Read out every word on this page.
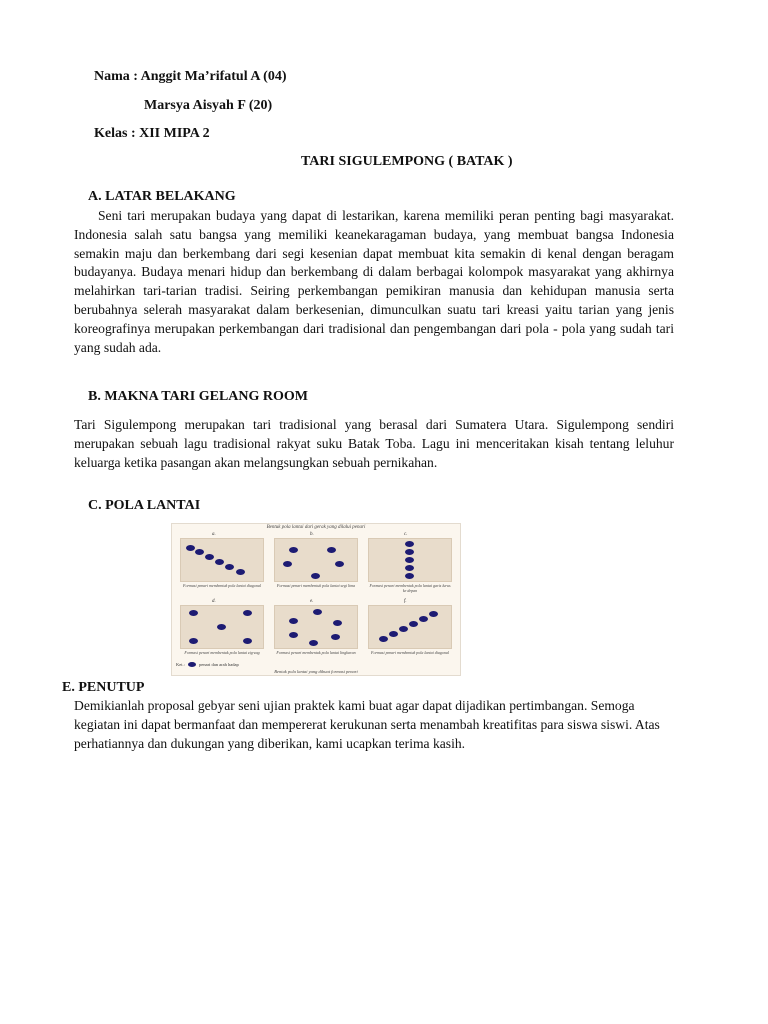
Nama : Anggit Ma’rifatul A (04)
Marsya Aisyah F (20)
Kelas : XII MIPA 2
TARI SIGULEMPONG ( BATAK )
A. LATAR BELAKANG
Seni tari merupakan budaya yang dapat di lestarikan, karena memiliki peran penting bagi masyarakat. Indonesia salah satu bangsa yang memiliki keanekaragaman budaya, yang membuat bangsa Indonesia semakin maju dan berkembang dari segi kesenian dapat membuat kita semakin di kenal dengan beragam budayanya. Budaya menari hidup dan berkembang di dalam berbagai kolompok masyarakat yang akhirnya melahirkan tari-tarian tradisi. Seiring perkembangan pemikiran manusia dan kehidupan manusia serta berubahnya selerah masyarakat dalam berkesenian, dimunculkan suatu tari kreasi yaitu tarian yang jenis koreografinya merupakan perkembangan dari tradisional dan pengembangan dari pola - pola yang sudah tari yang sudah ada.
B. MAKNA TARI GELANG ROOM
Tari Sigulempong merupakan tari tradisional yang berasal dari Sumatera Utara. Sigulempong sendiri merupakan sebuah lagu tradisional rakyat suku Batak Toba. Lagu ini menceritakan kisah tentang leluhur keluarga ketika pasangan akan melangsungkan sebuah pernikahan.
C. POLA LANTAI
Bentuk pola lantai dari gerak yang dilalui penari
a.
Formasi penari membentuk pola lantai diagonal
b.
Formasi penari membentuk pola lantai segi lima
c.
Formasi penari membentuk pola lantai garis lurus ke depan
d.
Formasi penari membentuk pola lantai zig-zag
e.
Formasi penari membentuk pola lantai lingkaran
f.
Formasi penari membentuk pola lantai diagonal
Ket.:	penari dan arah hadap
Bentuk pola lantai yang dibuat formasi penari
E. PENUTUP
Demikianlah proposal gebyar seni ujian praktek kami buat agar dapat dijadikan pertimbangan. Semoga kegiatan ini dapat bermanfaat dan mempererat kerukunan serta menambah kreatifitas para siswa siswi. Atas perhatiannya dan dukungan yang diberikan, kami ucapkan terima kasih.
